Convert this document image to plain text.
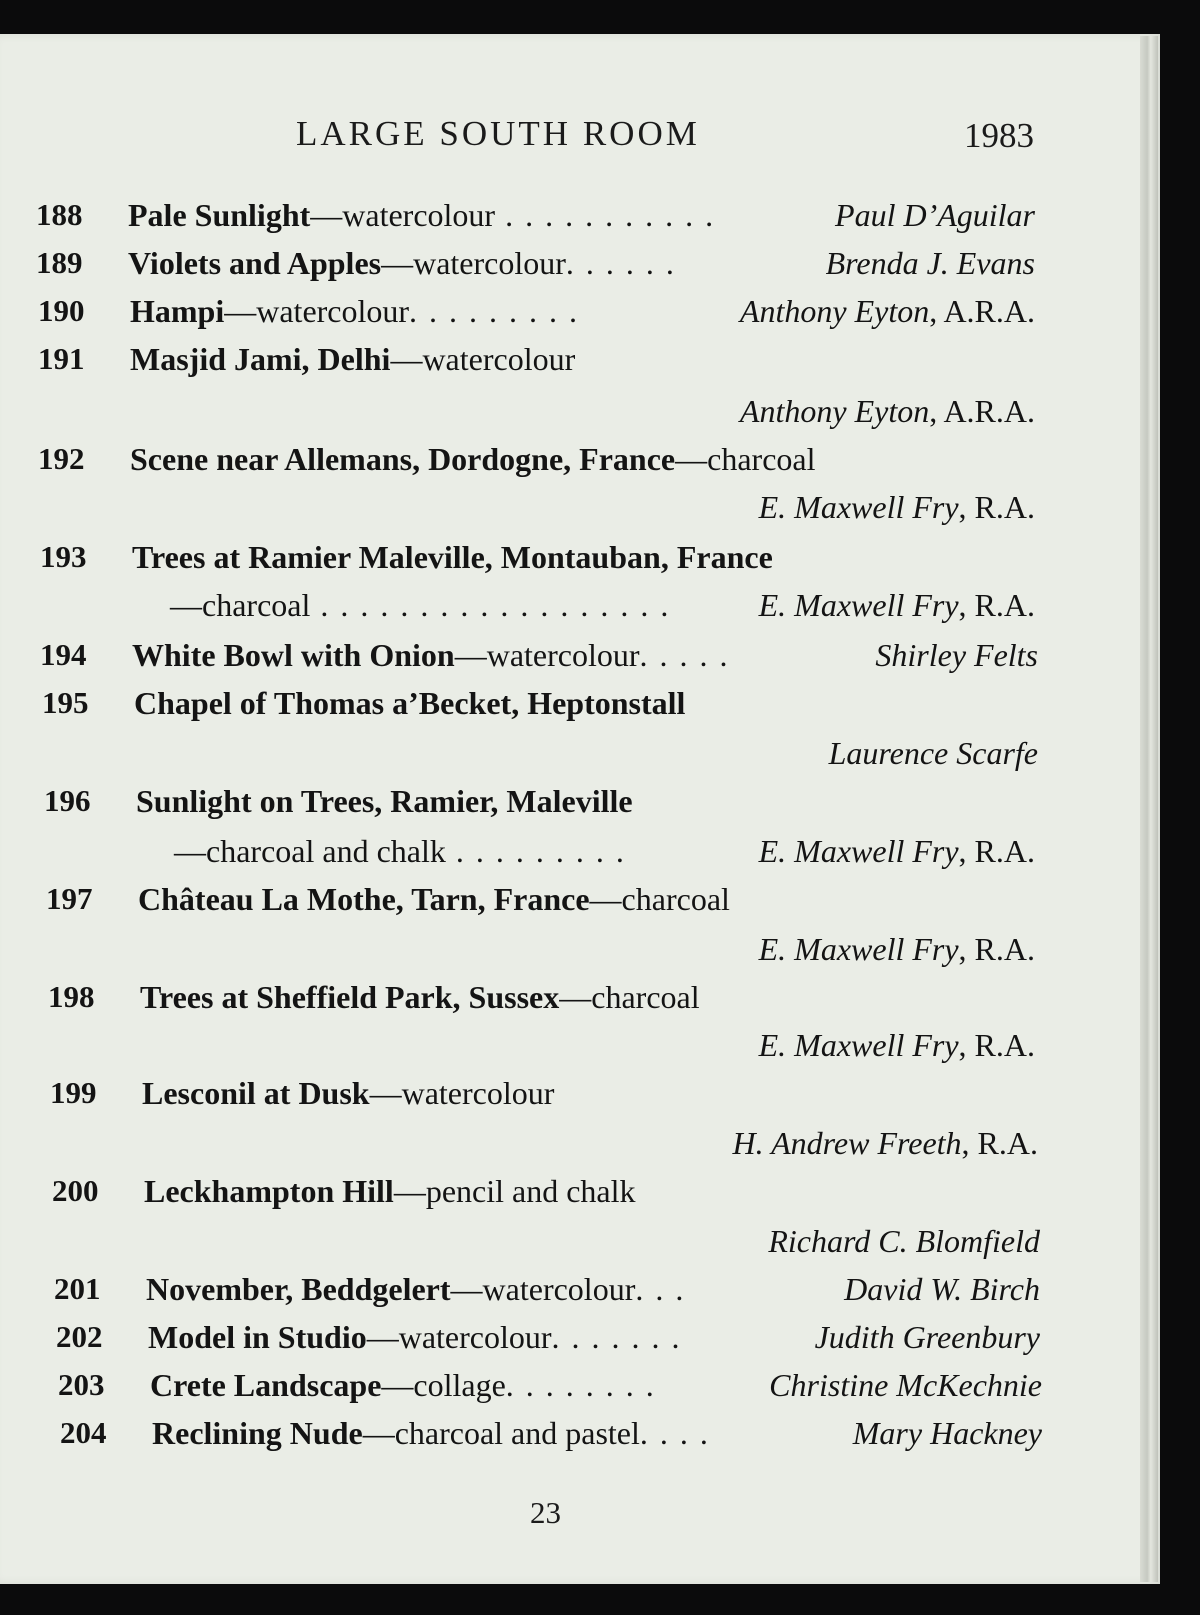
LARGE SOUTH ROOM	1983
188 Pale Sunlight—watercolour . . . . . . . . . . .	Paul D’Aguilar
189 Violets and Apples—watercolour. . . . . .	Brenda J. Evans
190 Hampi—watercolour. . . . . . . . .	Anthony Eyton, A.R.A.
191 Masjid Jami, Delhi—watercolour
Anthony Eyton, A.R.A.
192 Scene near Allemans, Dordogne, France—charcoal
E. Maxwell Fry, R.A.
193 Trees at Ramier Maleville, Montauban, France
—charcoal . . . . . . . . . . . . . . . . . .	E. Maxwell Fry, R.A.
194 White Bowl with Onion—watercolour. . . . .	Shirley Felts
195 Chapel of Thomas a’Becket, Heptonstall
Laurence Scarfe
196 Sunlight on Trees, Ramier, Maleville
—charcoal and chalk . . . . . . . . .	E. Maxwell Fry, R.A.
197 Château La Mothe, Tarn, France—charcoal
E. Maxwell Fry, R.A.
198 Trees at Sheffield Park, Sussex—charcoal
E. Maxwell Fry, R.A.
199 Lesconil at Dusk—watercolour
H. Andrew Freeth, R.A.
200 Leckhampton Hill—pencil and chalk
Richard C. Blomfield
201 November, Beddgelert—watercolour. . .	David W. Birch
202 Model in Studio—watercolour. . . . . . .	Judith Greenbury
203 Crete Landscape—collage. . . . . . . .	Christine McKechnie
204 Reclining Nude—charcoal and pastel. . . .	Mary Hackney
23
